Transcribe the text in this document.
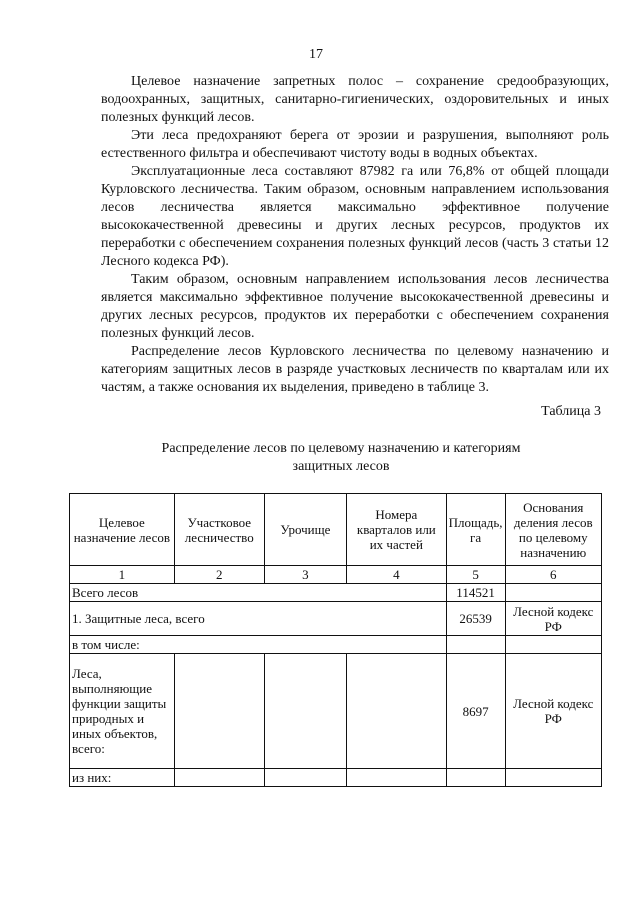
17

Целевое назначение запретных полос – сохранение средообразующих, водоохранных, защитных, санитарно-гигиенических, оздоровительных и иных полезных функций лесов.

Эти леса предохраняют берега от эрозии и разрушения, выполняют роль естественного фильтра и обеспечивают чистоту воды в водных объектах.

Эксплуатационные леса составляют 87982 га или 76,8% от общей площади Курловского лесничества. Таким образом, основным направлением использования лесов лесничества является максимально эффективное получение высококачественной древесины и других лесных ресурсов, продуктов их переработки с обеспечением сохранения полезных функций лесов (часть 3 статьи 12 Лесного кодекса РФ).

Таким образом, основным направлением использования лесов лесничества является максимально эффективное получение высококачественной древесины и других лесных ресурсов, продуктов их переработки с обеспечением сохранения полезных функций лесов.

Распределение лесов Курловского лесничества по целевому назначению и категориям защитных лесов в разряде участковых лесничеств по кварталам или их частям, а также основания их выделения, приведено в таблице 3.

Таблица 3
Распределение лесов по целевому назначению и категориям
защитных лесов
Целевое назначение лесов	Участковое лесничество	Урочище	Номера кварталов или их частей	Площадь, га	Основания деления лесов по целевому назначению
1	2	3	4	5	6
Всего лесов				114521	
1. Защитные леса, всего				26539	Лесной кодекс РФ
в том числе:					
Леса, выполняющие функции защиты природных и иных объектов, всего:				8697	Лесной кодекс РФ
из них:					
